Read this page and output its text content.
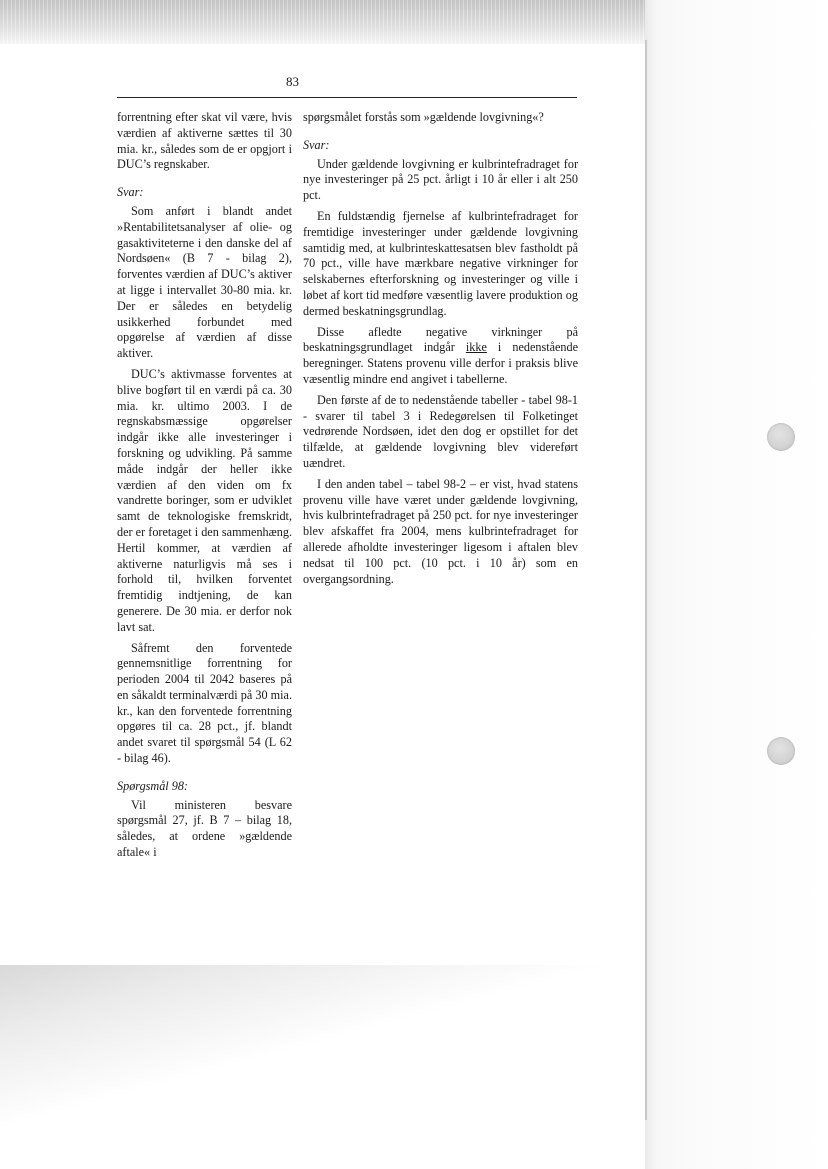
83

forrentning efter skat vil være, hvis værdien af aktiverne sættes til 30 mia. kr., således som de er opgjort i DUC’s regnskaber.

Svar:

Som anført i blandt andet »Rentabilitetsanalyser af olie- og gasaktiviteterne i den danske del af Nordsøen« (B 7 - bilag 2), forventes værdien af DUC’s aktiver at ligge i intervallet 30-80 mia. kr. Der er således en betydelig usikkerhed forbundet med opgørelse af værdien af disse aktiver.

DUC’s aktivmasse forventes at blive bogført til en værdi på ca. 30 mia. kr. ultimo 2003. I de regnskabsmæssige opgørelser indgår ikke alle investeringer i forskning og udvikling. På samme måde indgår der heller ikke værdien af den viden om fx vandrette boringer, som er udviklet samt de teknologiske fremskridt, der er foretaget i den sammenhæng. Hertil kommer, at værdien af aktiverne naturligvis må ses i forhold til, hvilken forventet fremtidig indtjening, de kan generere. De 30 mia. er derfor nok lavt sat.

Såfremt den forventede gennemsnitlige forrentning for perioden 2004 til 2042 baseres på en såkaldt terminalværdi på 30 mia. kr., kan den forventede forrentning opgøres til ca. 28 pct., jf. blandt andet svaret til spørgsmål 54 (L 62 - bilag 46).

Spørgsmål 98:

Vil ministeren besvare spørgsmål 27, jf. B 7 – bilag 18, således, at ordene »gældende aftale« i

spørgsmålet forstås som »gældende lovgivning«?

Svar:

Under gældende lovgivning er kulbrintefradraget for nye investeringer på 25 pct. årligt i 10 år eller i alt 250 pct.

En fuldstændig fjernelse af kulbrintefradraget for fremtidige investeringer under gældende lovgivning samtidig med, at kulbrinteskattesatsen blev fastholdt på 70 pct., ville have mærkbare negative virkninger for selskabernes efterforskning og investeringer og ville i løbet af kort tid medføre væsentlig lavere produktion og dermed beskatningsgrundlag.

Disse afledte negative virkninger på beskatningsgrundlaget indgår ikke i nedenstående beregninger. Statens provenu ville derfor i praksis blive væsentlig mindre end angivet i tabellerne.

Den første af de to nedenstående tabeller - tabel 98-1 - svarer til tabel 3 i Redegørelsen til Folketinget vedrørende Nordsøen, idet den dog er opstillet for det tilfælde, at gældende lovgivning blev videreført uændret.

I den anden tabel – tabel 98-2 – er vist, hvad statens provenu ville have været under gældende lovgivning, hvis kulbrintefradraget på 250 pct. for nye investeringer blev afskaffet fra 2004, mens kulbrintefradraget for allerede afholdte investeringer ligesom i aftalen blev nedsat til 100 pct. (10 pct. i 10 år) som en overgangsordning.
